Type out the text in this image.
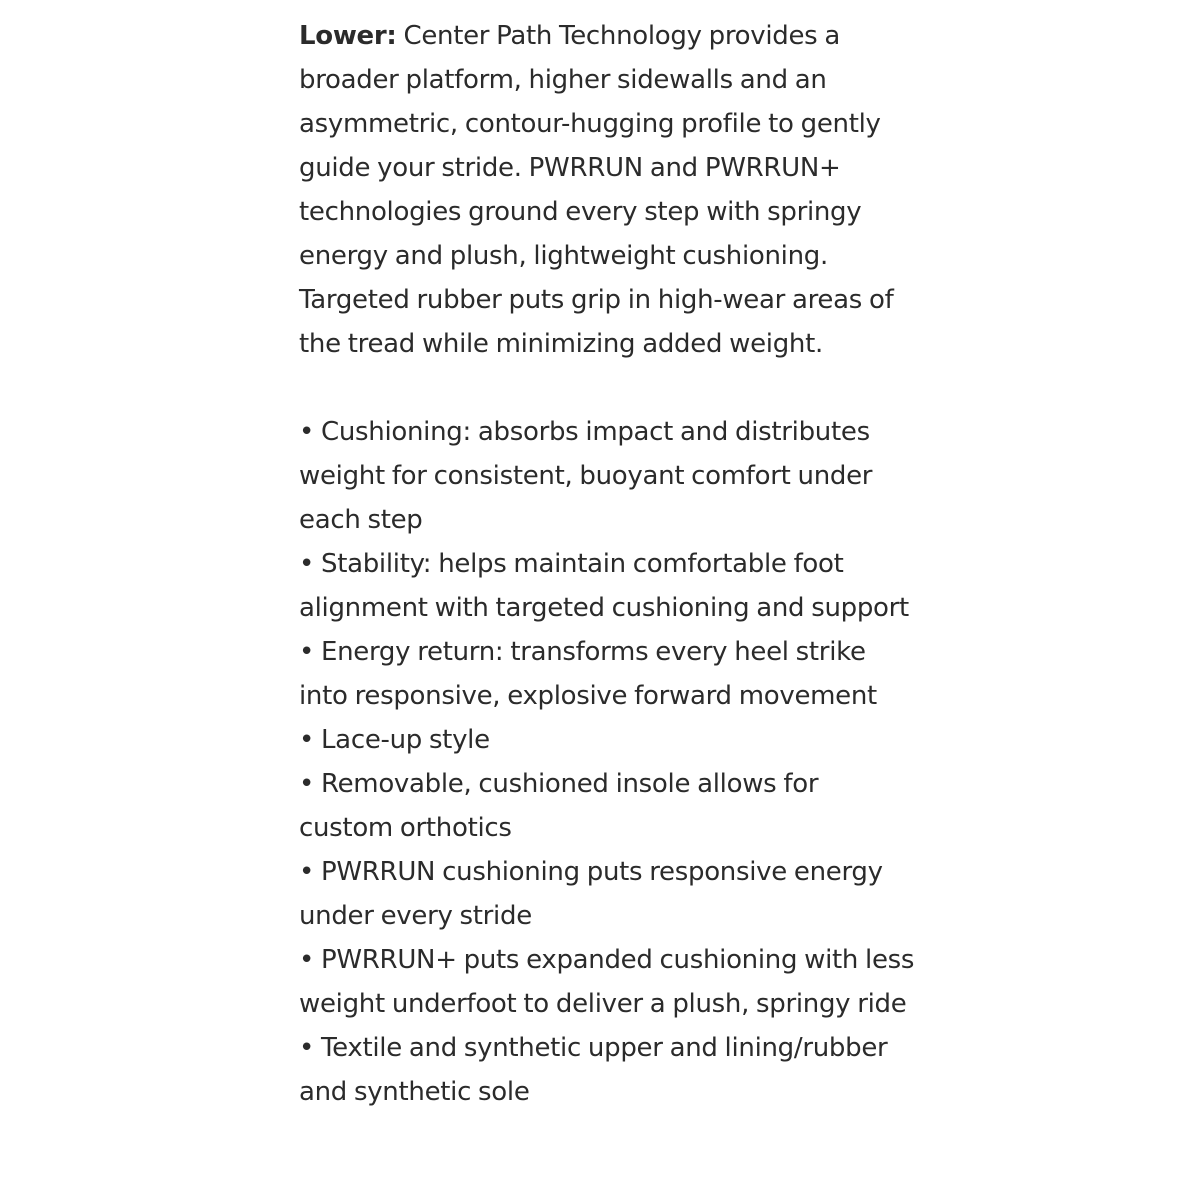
Lower: Center Path Technology provides a broader platform, higher sidewalls and an asymmetric, contour-hugging profile to gently guide your stride. PWRRUN and PWRRUN+ technologies ground every step with springy energy and plush, lightweight cushioning. Targeted rubber puts grip in high-wear areas of the tread while minimizing added weight.

• Cushioning: absorbs impact and distributes weight for consistent, buoyant comfort under each step
• Stability: helps maintain comfortable foot alignment with targeted cushioning and support
• Energy return: transforms every heel strike into responsive, explosive forward movement
• Lace-up style
• Removable, cushioned insole allows for custom orthotics
• PWRRUN cushioning puts responsive energy under every stride
• PWRRUN+ puts expanded cushioning with less weight underfoot to deliver a plush, springy ride
• Textile and synthetic upper and lining/rubber and synthetic sole
